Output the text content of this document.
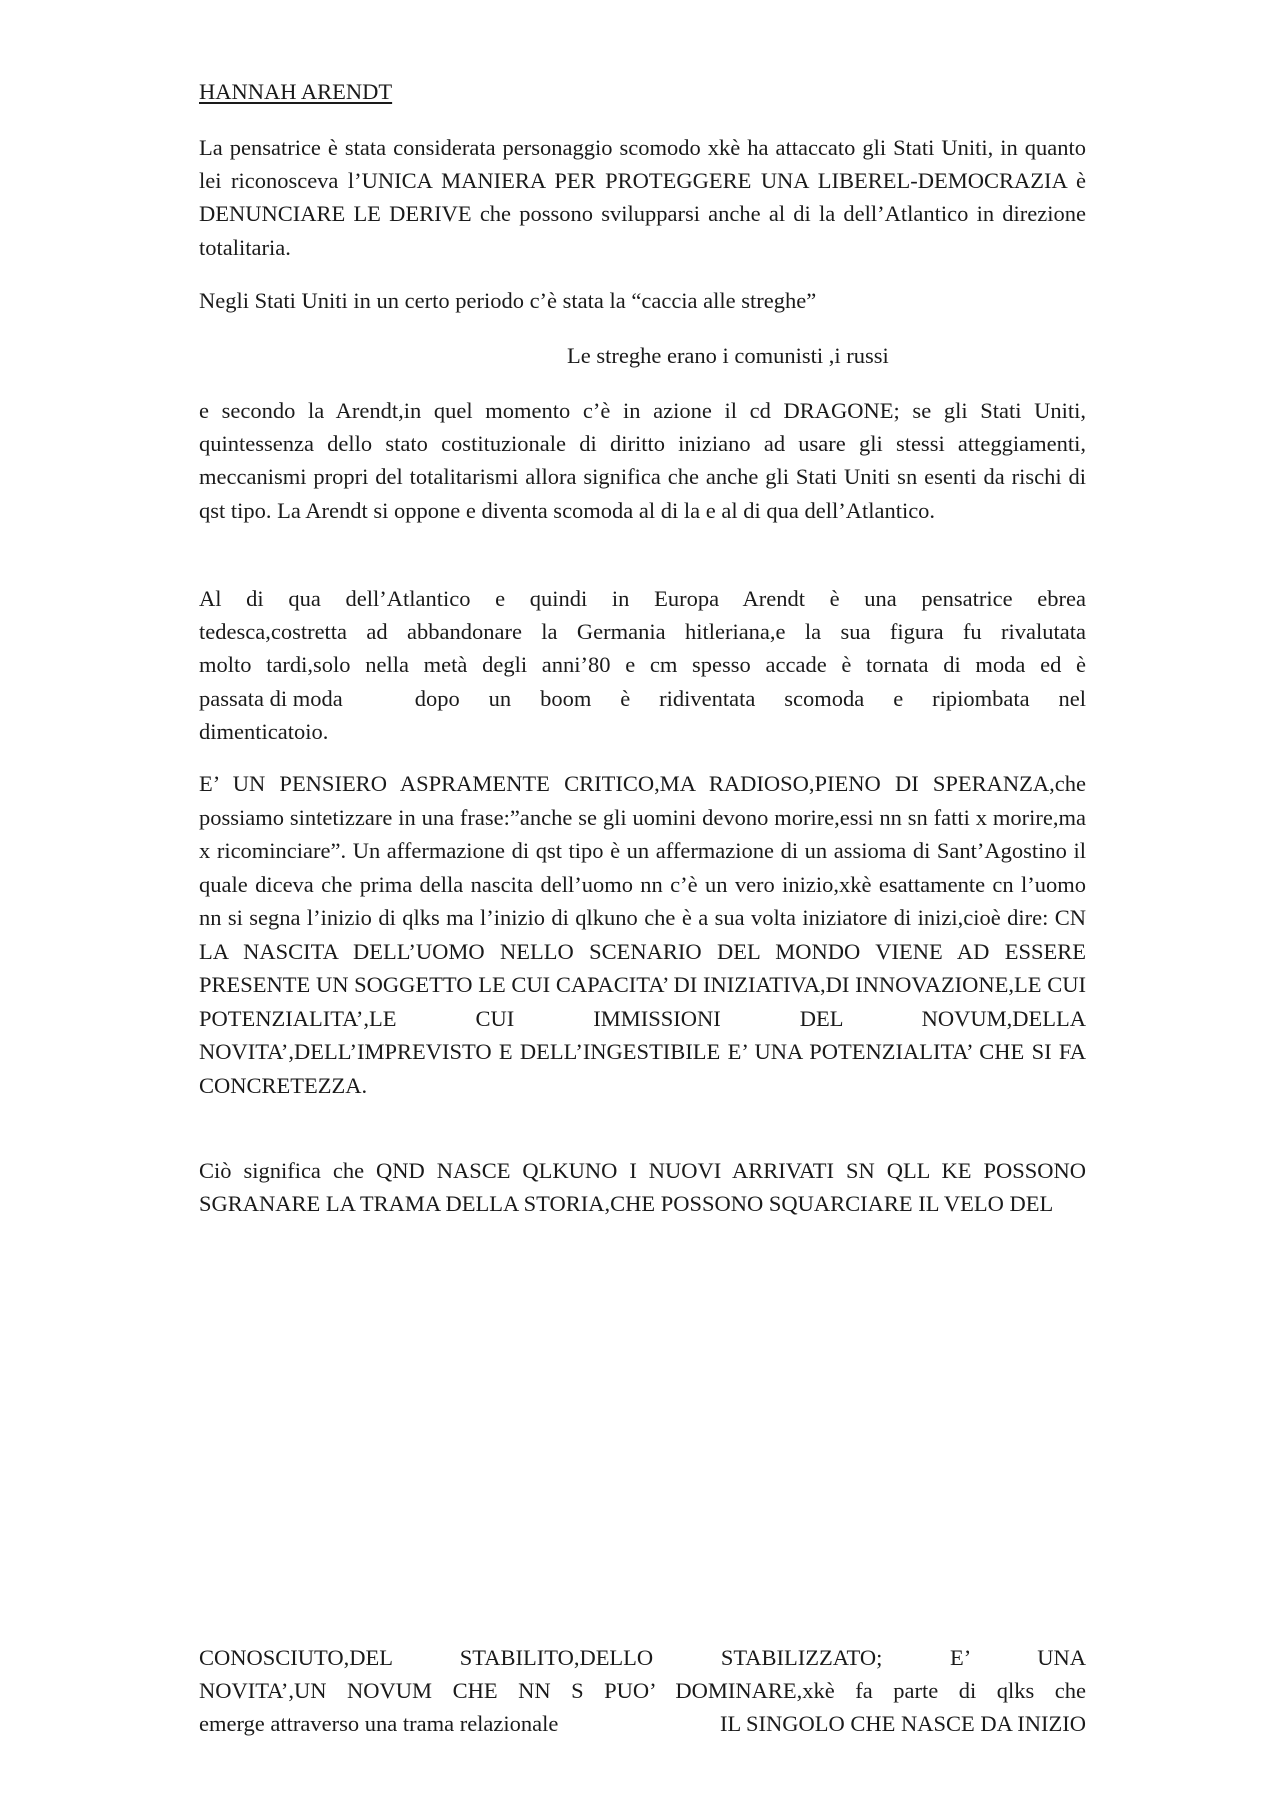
HANNAH ARENDT

La pensatrice è stata considerata personaggio scomodo xkè ha attaccato gli Stati Uniti, in quanto lei riconosceva l’UNICA MANIERA PER PROTEGGERE UNA LIBEREL-DEMOCRAZIA è DENUNCIARE LE DERIVE che possono svilupparsi anche al di la dell’Atlantico in direzione totalitaria.

Negli Stati Uniti in un certo periodo c’è stata la “caccia alle streghe”

Le streghe erano i comunisti ,i russi

e secondo la Arendt,in quel momento c’è in azione il cd DRAGONE; se gli Stati Uniti, quintessenza dello stato costituzionale di diritto iniziano ad usare gli stessi atteggiamenti, meccanismi propri del totalitarismi allora significa che anche gli Stati Uniti sn esenti da rischi di qst tipo. La Arendt si oppone e diventa scomoda al di la e al di qua dell’Atlantico.

Al di qua dell’Atlantico e quindi in Europa Arendt è una pensatrice ebrea
tedesca,costretta ad abbandonare la Germania hitleriana,e la sua figura fu rivalutata
molto tardi,solo nella metà degli anni’80 e cm spesso accade è tornata di moda ed è
passata di moda	dopo un boom è ridiventata scomoda e ripiombata nel
dimenticatoio.

E’ UN PENSIERO ASPRAMENTE CRITICO,MA RADIOSO,PIENO DI SPERANZA,che possiamo sintetizzare in una frase:”anche se gli uomini devono morire,essi nn sn fatti x morire,ma x ricominciare”. Un affermazione di qst tipo è un affermazione di un assioma di Sant’Agostino il quale diceva che prima della nascita dell’uomo nn c’è un vero inizio,xkè esattamente cn l’uomo nn si segna l’inizio di qlks ma l’inizio di qlkuno che è a sua volta iniziatore di inizi,cioè dire: CN LA NASCITA DELL’UOMO NELLO SCENARIO DEL MONDO VIENE AD ESSERE PRESENTE UN SOGGETTO LE CUI CAPACITA’ DI INIZIATIVA,DI INNOVAZIONE,LE CUI POTENZIALITA’,LE CUI IMMISSIONI DEL NOVUM,DELLA NOVITA’,DELL’IMPREVISTO E DELL’INGESTIBILE E’ UNA POTENZIALITA’ CHE SI FA CONCRETEZZA.

Ciò significa che QND NASCE QLKUNO I NUOVI ARRIVATI SN QLL KE POSSONO SGRANARE LA TRAMA DELLA STORIA,CHE POSSONO SQUARCIARE IL VELO DEL

CONOSCIUTO,DEL STABILITO,DELLO STABILIZZATO; E’ UNA
NOVITA’,UN NOVUM CHE NN S PUO’ DOMINARE,xkè fa parte di qlks che
emerge attraverso una trama relazionale	IL SINGOLO CHE NASCE DA INIZIO
